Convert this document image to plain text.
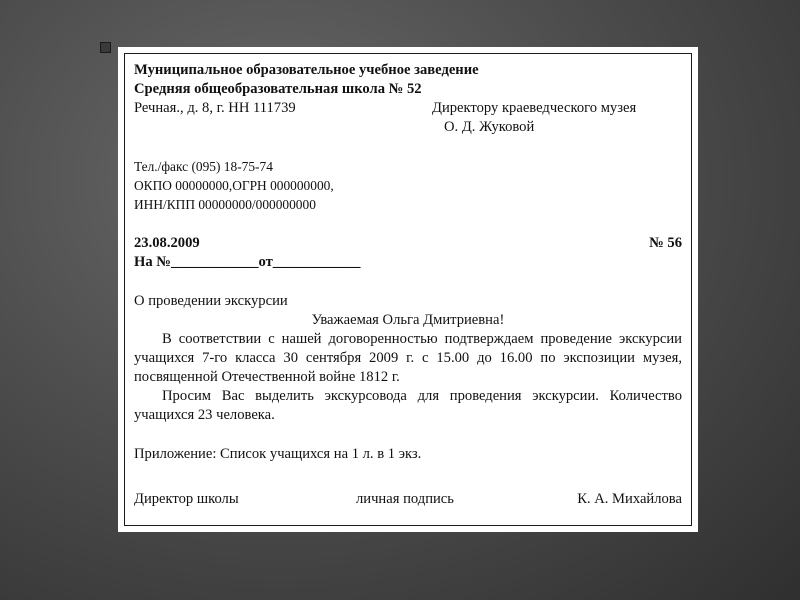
Муниципальное образовательное учебное заведение
Средняя общеобразовательная школа № 52
Речная., д. 8, г. НН 111739	Директору краеведческого музея
О. Д. Жуковой
Тел./факс (095) 18-75-74
ОКПО 00000000,ОГРН 000000000,
ИНН/КПП 00000000/000000000
23.08.2009	№ 56
На №____________от____________
О проведении экскурсии
Уважаемая Ольга Дмитриевна!
В соответствии с нашей договоренностью подтверждаем проведение экскурсии учащихся 7-го класса 30 сентября 2009 г. с 15.00 до 16.00 по экспозиции музея, посвященной Отечественной войне 1812 г.
Просим Вас выделить экскурсовода для проведения экскурсии. Количество учащихся 23 человека.
Приложение: Список учащихся на 1 л. в 1 экз.
Директор школы	личная подпись	К. А. Михайлова
